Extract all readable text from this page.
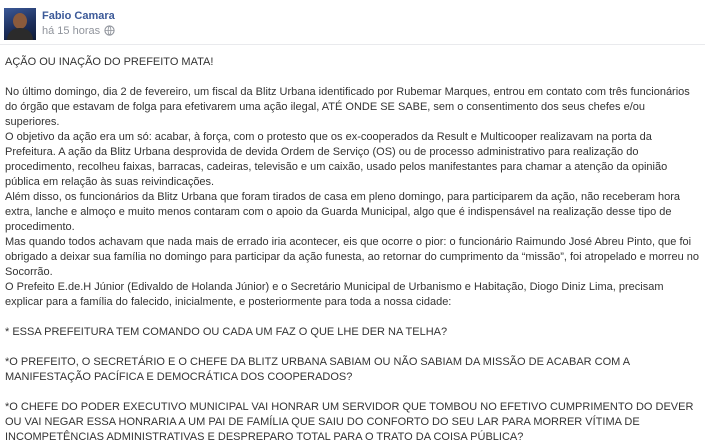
Fabio Camara
há 15 horas

AÇÃO OU INAÇÃO DO PREFEITO MATA!

No último domingo, dia 2 de fevereiro, um fiscal da Blitz Urbana identificado por Rubemar Marques, entrou em contato com três funcionários do órgão que estavam de folga para efetivarem uma ação ilegal, ATÉ ONDE SE SABE, sem o consentimento dos seus chefes e/ou superiores.

O objetivo da ação era um só: acabar, à força, com o protesto que os ex-cooperados da Result e Multicooper realizavam na porta da Prefeitura. A ação da Blitz Urbana desprovida de devida Ordem de Serviço (OS) ou de processo administrativo para realização do procedimento, recolheu faixas, barracas, cadeiras, televisão e um caixão, usado pelos manifestantes para chamar a atenção da opinião pública em relação às suas reivindicações.

Além disso, os funcionários da Blitz Urbana que foram tirados de casa em pleno domingo, para participarem da ação, não receberam hora extra, lanche e almoço e muito menos contaram com o apoio da Guarda Municipal, algo que é indispensável na realização desse tipo de procedimento.

Mas quando todos achavam que nada mais de errado iria acontecer, eis que ocorre o pior: o funcionário Raimundo José Abreu Pinto, que foi obrigado a deixar sua família no domingo para participar da ação funesta, ao retornar do cumprimento da “missão”, foi atropelado e morreu no Socorrão.

O Prefeito E.de.H Júnior (Edivaldo de Holanda Júnior) e o Secretário Municipal de Urbanismo e Habitação, Diogo Diniz Lima, precisam explicar para a família do falecido, inicialmente, e posteriormente para toda a nossa cidade:

* ESSA PREFEITURA TEM COMANDO OU CADA UM FAZ O QUE LHE DER NA TELHA?

*O PREFEITO, O SECRETÁRIO E O CHEFE DA BLITZ URBANA SABIAM OU NÃO SABIAM DA MISSÃO DE ACABAR COM A MANIFESTAÇÃO PACÍFICA E DEMOCRÁTICA DOS COOPERADOS?

*O CHEFE DO PODER EXECUTIVO MUNICIPAL VAI HONRAR UM SERVIDOR QUE TOMBOU NO EFETIVO CUMPRIMENTO DO DEVER OU VAI NEGAR ESSA HONRARIA A UM PAI DE FAMÍLIA QUE SAIU DO CONFORTO DO SEU LAR PARA MORRER VÍTIMA DE INCOMPETÊNCIAS ADMINISTRATIVAS E DESPREPARO TOTAL PARA O TRATO DA COISA PÚBLICA?
